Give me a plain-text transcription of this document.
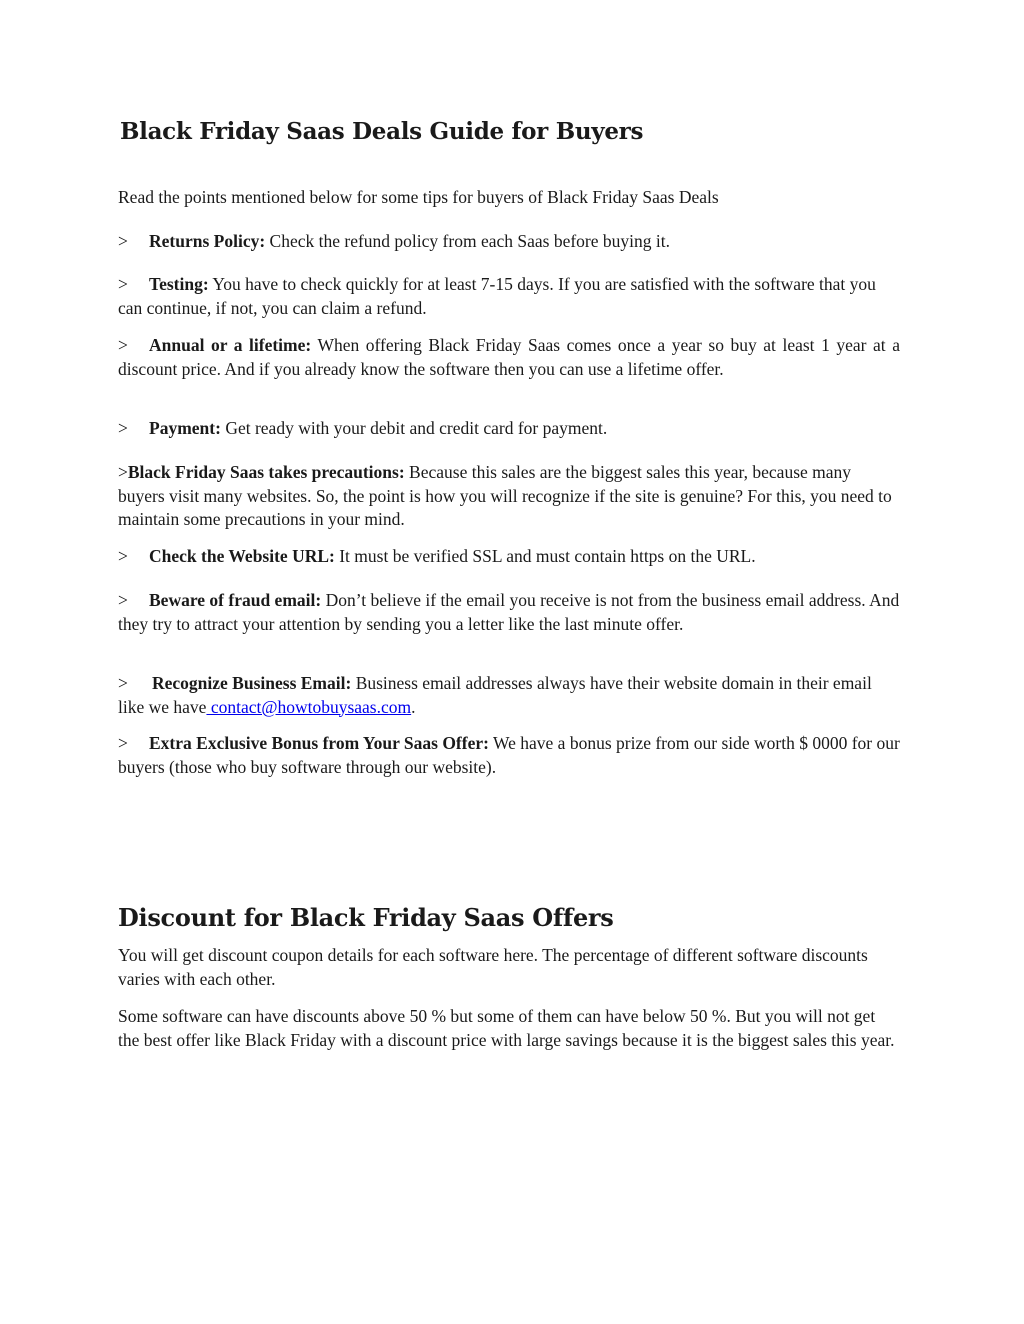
Black Friday Saas Deals Guide for Buyers

Read the points mentioned below for some tips for buyers of Black Friday Saas Deals

> Returns Policy: Check the refund policy from each Saas before buying it.

> Testing: You have to check quickly for at least 7-15 days. If you are satisfied with the software that you can continue, if not, you can claim a refund.

> Annual or a lifetime: When offering Black Friday Saas comes once a year so buy at least 1 year at a discount price. And if you already know the software then you can use a lifetime offer.

> Payment: Get ready with your debit and credit card for payment.

>Black Friday Saas takes precautions: Because this sales are the biggest sales this year, because many buyers visit many websites. So, the point is how you will recognize if the site is genuine? For this, you need to maintain some precautions in your mind.

> Check the Website URL: It must be verified SSL and must contain https on the URL.

> Beware of fraud email: Don’t believe if the email you receive is not from the business email address. And they try to attract your attention by sending you a letter like the last minute offer.

> Recognize Business Email: Business email addresses always have their website domain in their email like we have contact@howtobuysaas.com.

> Extra Exclusive Bonus from Your Saas Offer: We have a bonus prize from our side worth $ 0000 for our buyers (those who buy software through our website).

Discount for Black Friday Saas Offers

You will get discount coupon details for each software here. The percentage of different software discounts varies with each other.

Some software can have discounts above 50 % but some of them can have below 50 %. But you will not get the best offer like Black Friday with a discount price with large savings because it is the biggest sales this year.
